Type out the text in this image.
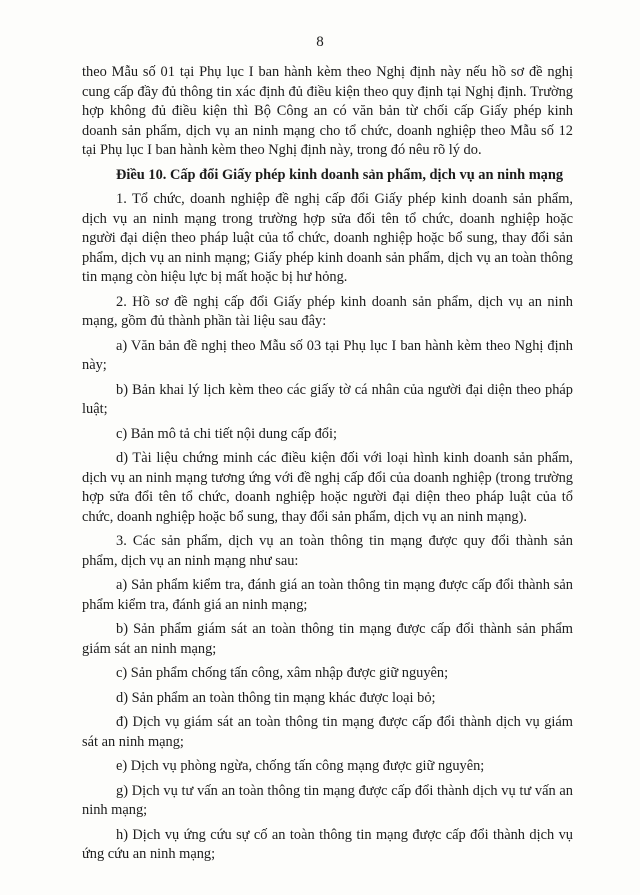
8

theo Mẫu số 01 tại Phụ lục I ban hành kèm theo Nghị định này nếu hồ sơ đề nghị cung cấp đầy đủ thông tin xác định đủ điều kiện theo quy định tại Nghị định. Trường hợp không đủ điều kiện thì Bộ Công an có văn bản từ chối cấp Giấy phép kinh doanh sản phẩm, dịch vụ an ninh mạng cho tổ chức, doanh nghiệp theo Mẫu số 12 tại Phụ lục I ban hành kèm theo Nghị định này, trong đó nêu rõ lý do.

Điều 10. Cấp đổi Giấy phép kinh doanh sản phẩm, dịch vụ an ninh mạng

1. Tổ chức, doanh nghiệp đề nghị cấp đổi Giấy phép kinh doanh sản phẩm, dịch vụ an ninh mạng trong trường hợp sửa đổi tên tổ chức, doanh nghiệp hoặc người đại diện theo pháp luật của tổ chức, doanh nghiệp hoặc bổ sung, thay đổi sản phẩm, dịch vụ an ninh mạng; Giấy phép kinh doanh sản phẩm, dịch vụ an toàn thông tin mạng còn hiệu lực bị mất hoặc bị hư hỏng.

2. Hồ sơ đề nghị cấp đổi Giấy phép kinh doanh sản phẩm, dịch vụ an ninh mạng, gồm đủ thành phần tài liệu sau đây:

a) Văn bản đề nghị theo Mẫu số 03 tại Phụ lục I ban hành kèm theo Nghị định này;

b) Bản khai lý lịch kèm theo các giấy tờ cá nhân của người đại diện theo pháp luật;

c) Bản mô tả chi tiết nội dung cấp đổi;

d) Tài liệu chứng minh các điều kiện đối với loại hình kinh doanh sản phẩm, dịch vụ an ninh mạng tương ứng với đề nghị cấp đổi của doanh nghiệp (trong trường hợp sửa đổi tên tổ chức, doanh nghiệp hoặc người đại diện theo pháp luật của tổ chức, doanh nghiệp hoặc bổ sung, thay đổi sản phẩm, dịch vụ an ninh mạng).

3. Các sản phẩm, dịch vụ an toàn thông tin mạng được quy đổi thành sản phẩm, dịch vụ an ninh mạng như sau:

a) Sản phẩm kiểm tra, đánh giá an toàn thông tin mạng được cấp đổi thành sản phẩm kiểm tra, đánh giá an ninh mạng;

b) Sản phẩm giám sát an toàn thông tin mạng được cấp đổi thành sản phẩm giám sát an ninh mạng;

c) Sản phẩm chống tấn công, xâm nhập được giữ nguyên;

d) Sản phẩm an toàn thông tin mạng khác được loại bỏ;

đ) Dịch vụ giám sát an toàn thông tin mạng được cấp đổi thành dịch vụ giám sát an ninh mạng;

e) Dịch vụ phòng ngừa, chống tấn công mạng được giữ nguyên;

g) Dịch vụ tư vấn an toàn thông tin mạng được cấp đổi thành dịch vụ tư vấn an ninh mạng;

h) Dịch vụ ứng cứu sự cố an toàn thông tin mạng được cấp đổi thành dịch vụ ứng cứu an ninh mạng;
